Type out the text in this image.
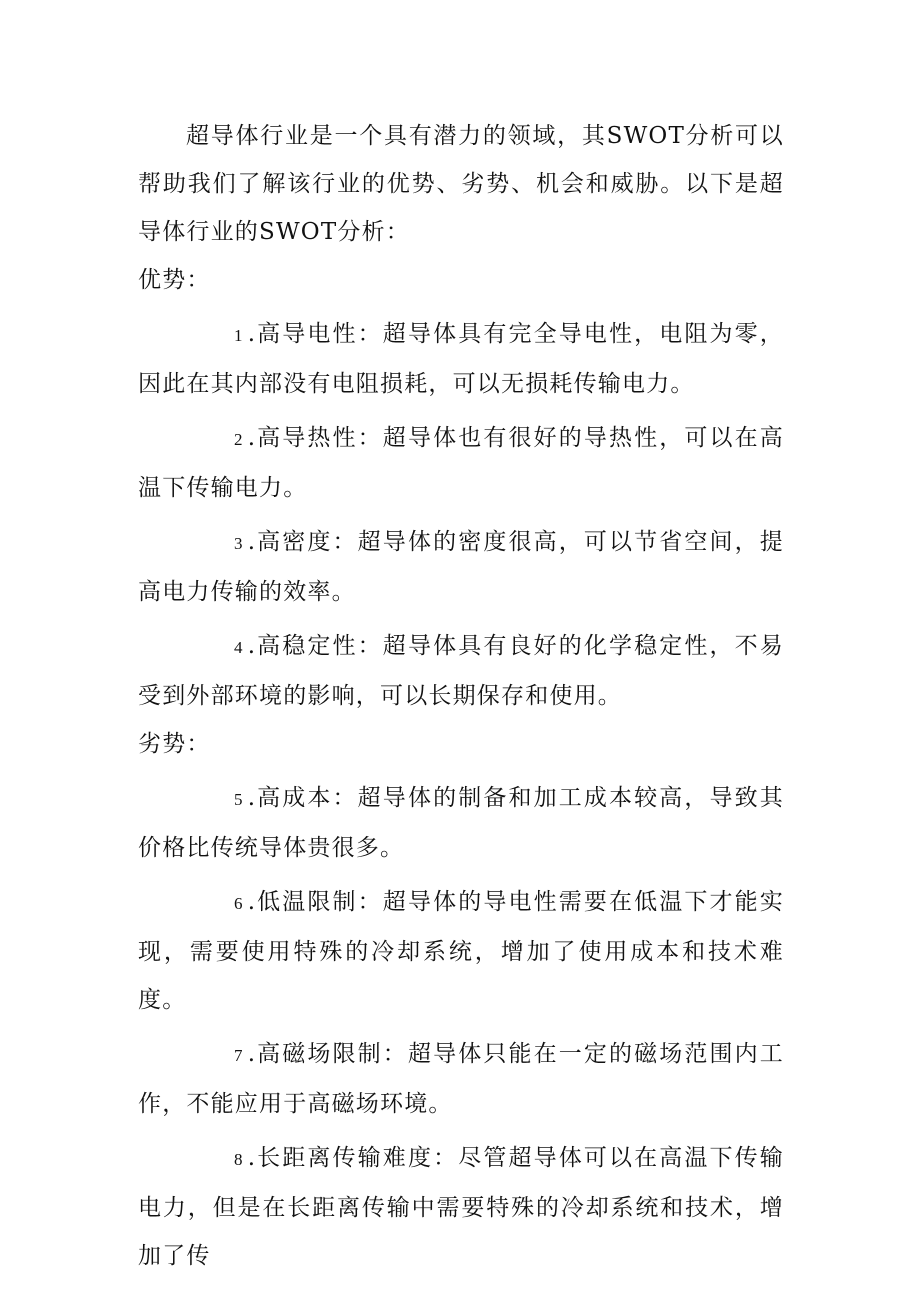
超导体行业是一个具有潜力的领域，其SWOT分析可以帮助我们了解该行业的优势、劣势、机会和威胁。以下是超导体行业的SWOT分析：

优势：

1 .高导电性：超导体具有完全导电性，电阻为零，因此在其内部没有电阻损耗，可以无损耗传输电力。

2 .高导热性：超导体也有很好的导热性，可以在高温下传输电力。

3 .高密度：超导体的密度很高，可以节省空间，提高电力传输的效率。

4 .高稳定性：超导体具有良好的化学稳定性，不易受到外部环境的影响，可以长期保存和使用。

劣势：

5 .高成本：超导体的制备和加工成本较高，导致其价格比传统导体贵很多。

6 .低温限制：超导体的导电性需要在低温下才能实现，需要使用特殊的冷却系统，增加了使用成本和技术难度。

7 .高磁场限制：超导体只能在一定的磁场范围内工作，不能应用于高磁场环境。

8 .长距离传输难度：尽管超导体可以在高温下传输电力，但是在长距离传输中需要特殊的冷却系统和技术，增加了传
